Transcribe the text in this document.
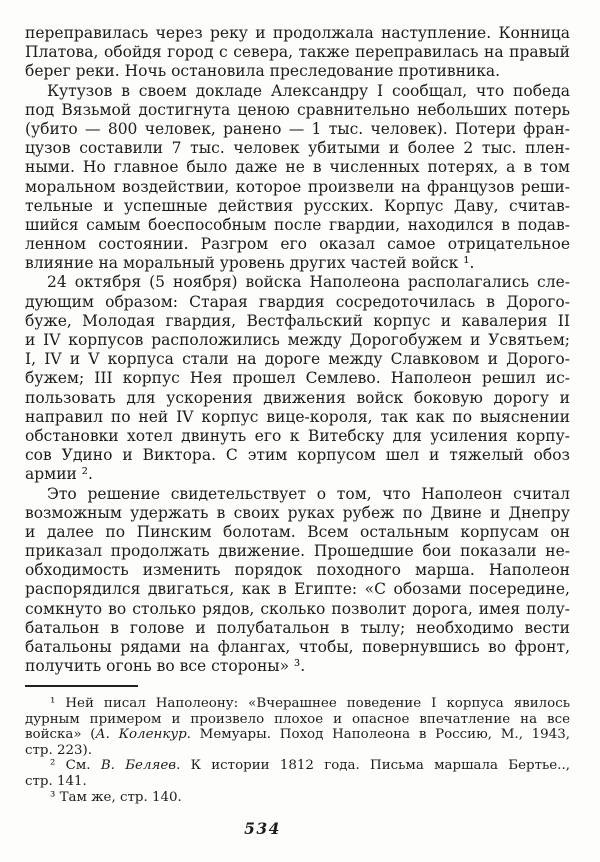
переправилась через реку и продолжала наступление. Конница
Платова, обойдя город с севера, также переправилась на правый
берег реки. Ночь остановила преследование противника.
Кутузов в своем докладе Александру I сообщал, что победа
под Вязьмой достигнута ценою сравнительно небольших потерь
(убито — 800 человек, ранено — 1 тыс. человек). Потери фран-
цузов составили 7 тыс. человек убитыми и более 2 тыс. плен-
ными. Но главное было даже не в численных потерях, а в том
моральном воздействии, которое произвели на французов реши-
тельные и успешные действия русских. Корпус Даву, считав-
шийся самым боеспособным после гвардии, находился в подав-
ленном состоянии. Разгром его оказал самое отрицательное
влияние на моральный уровень других частей войск ¹.
24 октября (5 ноября) войска Наполеона располагались сле-
дующим образом: Старая гвардия сосредоточилась в Дорого-
буже, Молодая гвардия, Вестфальский корпус и кавалерия II
и IV корпусов расположились между Дорогобужем и Усвятьем;
I, IV и V корпуса стали на дороге между Славковом и Дорого-
бужем; III корпус Нея прошел Семлево. Наполеон решил ис-
пользовать для ускорения движения войск боковую дорогу и
направил по ней IV корпус вице-короля, так как по выяснении
обстановки хотел двинуть его к Витебску для усиления корпу-
сов Удино и Виктора. С этим корпусом шел и тяжелый обоз
армии ².
Это решение свидетельствует о том, что Наполеон считал
возможным удержать в своих руках рубеж по Двине и Днепру
и далее по Пинским болотам. Всем остальным корпусам он
приказал продолжать движение. Прошедшие бои показали не-
обходимость изменить порядок походного марша. Наполеон
распорядился двигаться, как в Египте: «С обозами посередине,
сомкнуто во столько рядов, сколько позволит дорога, имея полу-
батальон в голове и полубатальон в тылу; необходимо вести
батальоны рядами на флангах, чтобы, повернувшись во фронт,
получить огонь во все стороны» ³.
¹ Ней писал Наполеону: «Вчерашнее поведение I корпуса явилось
дурным примером и произвело плохое и опасное впечатление на все
войска» (А. Коленкур. Мемуары. Поход Наполеона в Россию, М., 1943,
стр. 223).
² См. В. Беляев. К истории 1812 года. Письма маршала Бертье..,
стр. 141.
³ Там же, стр. 140.
534
